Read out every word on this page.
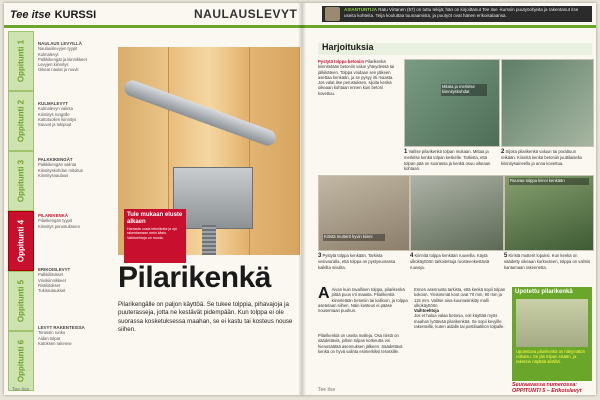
Tee itse KURSSI	NAULAUSLEVYT	ASIANTUNTIJA Ratu Virtanen (57) on tuttu tekijä; hän on kirjoittanut Tee itse -kurssin puutyöohjeita ja rakentanut itse useita kohteita. Teija kouluttaa tuunaamista, ja puutyöt ovat hänen erikoisalaansa.
Oppitunti 1
Oppitunti 2
Oppitunti 3
Oppitunti 4
Oppitunti 5
Oppitunti 6
NAULAUS LEVYILLÄ
Naulauslevyjen tyypit
Kulmalevyt
Palkkikengät ja kiinnikkeet
Levyjen kiinnitys
Oikeat naulat ja ruuvit
KULMALEVYT
Kulmalevyn valinta
Kiinnitys rungolle
Kattotuolien kiinnitys
Sauvat ja tukipuut
PALKKIKENGÄT
Palkkikengän valinta
Kiinnityskohdan mitoitus
Kiinnitysnaulaus
PILARIKENKÄ
Pilarikengän tyypit
Kiinnitys perustukseen
ERIKOISLEVYT
Palkkiliitokset
Vinokiinnikkeet
Ristiliitokset
Tukirautaukset
LEVYT RAKENTEISSA
Terassin runko
Aidan tolpat
Katoksen rakenne
Tule mukaan eluste alkaen
Harrasta uusia tekniikoita ja opi rakentamaan omin käsin. Vaihtoehtoja on monia.
Pilarikenkä
Pilarikengälle on paljon käyttöä. Se tukee tolppia, pihavajoja ja puuterasseja, jotta ne kestävät pidempään. Kun tolppa ei ole suorassa kosketuksessa maahan, se ei kastu tai kosteus nouse siihen.
Tee itse
Harjoituksia
Pystytä tolppa betoniin Pilarikenkä kiinnitetään betoniin valun yhteydessä tai jälkikäteen. Tolppa voidaan sen jälkeen asettaa kenkään, ja se pysyy irti maasta. Jos valat itse perustuksen, sijoita kenkä oikeaan kohtaan ennen kuin betoni kovettuu.
Mitata ja merkitse kiinnityskohdat
1 Valitse pilarikenkä tolpan mukaan. Mittaa ja merkitse kenkä tolpan keskelle. Tarkista, että tolpan pää on suorassa ja kenkä osuu oikeaan kohtaan.
2 Sijoita pilarikenkä valuun tai porattuun reikään. Kiinnitä kenkä betoniin juuttilaisella kiinnitysaineella ja anna kovettua.
Kiristä mutterit hyvin kiinni
Ruuvaa tolppa kiinni kenkään
3 Pystytä tolppa kenkään. Tarkista vesivaa'alla, että tolppa on pystysuorassa kaikilta sivuilta.
4 Kiinnitä tolppa kenkään ruuveilla. Käytä ulkokäyttöön tarkoitettuja ruosteenkestäviä ruuveja.
5 Kiristä mutterit lopuksi. Kun kenkä on säädetty oikeaan korkeuteen, tolppa on valmis kantamaan rakennetta.
A Aivan kuin tavallinen tolppa, pilarikenkä pitää puun irti maasta. Pilarikenkä kiinnitetään betoniin tai kallioon, ja tolppa asetetaan siihen. Näin kosteus ei pääse nousemaan puuhun.
Pilarikenkiä on useita malleja. Osa niistä on säädettäviä, jolloin tolpan korkeutta voi hienosäätää asennuksen jälkeen. Säädettävä kenkä on hyvä valinta esimerkiksi terassille.
Ennen asennusta tarkista, että kenkä sopii tolpan kokoon. Yleisimmät koot ovat 70 mm, 90 mm ja 115 mm. Valitse aina kuumasinkitty malli ulkokäyttöön.
Vaihtoehtoja
Jos et halua valaa betonia, voit käyttää myös maahan lyötävää pilarikenkää. Se sopii kevyille rakenteille, kuten aidalle tai postilaatikon tolpalle.
Upotettu pilarikenkä
Upotettava pilarikenkä on näkymätön ratkaisu. Se jää tolpan sisään, ja rakenne näyttää siistiltä.
Seuraavassa numerossa: OPPITUNTI 5 – Erikoislevyt
Tee itse
